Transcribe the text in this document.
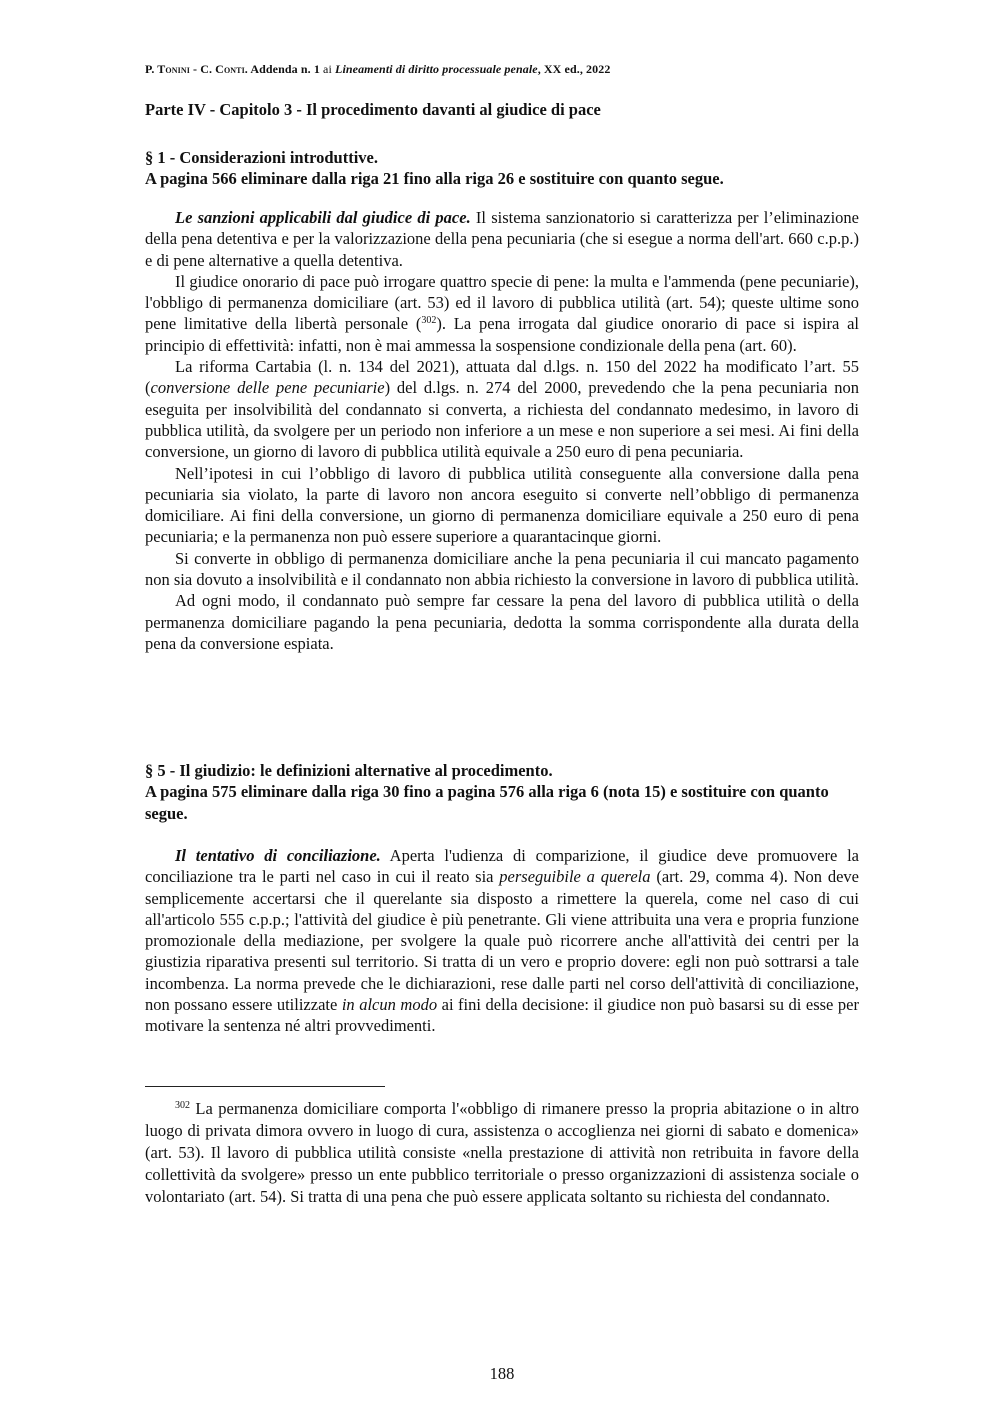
P. Tonini - C. Conti. Addenda n. 1 ai Lineamenti di diritto processuale penale, XX ed., 2022
Parte IV - Capitolo 3 - Il procedimento davanti al giudice di pace

§ 1 - Considerazioni introduttive.

A pagina 566 eliminare dalla riga 21 fino alla riga 26 e sostituire con quanto segue.

Le sanzioni applicabili dal giudice di pace. Il sistema sanzionatorio si caratterizza per l’eliminazione della pena detentiva e per la valorizzazione della pena pecuniaria (che si esegue a norma dell'art. 660 c.p.p.) e di pene alternative a quella detentiva.

Il giudice onorario di pace può irrogare quattro specie di pene: la multa e l'ammenda (pene pecuniarie), l'obbligo di permanenza domiciliare (art. 53) ed il lavoro di pubblica utilità (art. 54); queste ultime sono pene limitative della libertà personale ($^{302}$). La pena irrogata dal giudice onorario di pace si ispira al principio di effettività: infatti, non è mai ammessa la sospensione condizionale della pena (art. 60).

La riforma Cartabia (l. n. 134 del 2021), attuata dal d.lgs. n. 150 del 2022 ha modificato l’art. 55 (conversione delle pene pecuniarie) del d.lgs. n. 274 del 2000, prevedendo che la pena pecuniaria non eseguita per insolvibilità del condannato si converta, a richiesta del condannato medesimo, in lavoro di pubblica utilità, da svolgere per un periodo non inferiore a un mese e non superiore a sei mesi. Ai fini della conversione, un giorno di lavoro di pubblica utilità equivale a 250 euro di pena pecuniaria.

Nell’ipotesi in cui l’obbligo di lavoro di pubblica utilità conseguente alla conversione dalla pena pecuniaria sia violato, la parte di lavoro non ancora eseguito si converte nell’obbligo di permanenza domiciliare. Ai fini della conversione, un giorno di permanenza domiciliare equivale a 250 euro di pena pecuniaria; e la permanenza non può essere superiore a quarantacinque giorni.

Si converte in obbligo di permanenza domiciliare anche la pena pecuniaria il cui mancato pagamento non sia dovuto a insolvibilità e il condannato non abbia richiesto la conversione in lavoro di pubblica utilità.

Ad ogni modo, il condannato può sempre far cessare la pena del lavoro di pubblica utilità o della permanenza domiciliare pagando la pena pecuniaria, dedotta la somma corrispondente alla durata della pena da conversione espiata.

§ 5 - Il giudizio: le definizioni alternative al procedimento.

A pagina 575 eliminare dalla riga 30 fino a pagina 576 alla riga 6 (nota 15) e sostituire con quanto segue.

Il tentativo di conciliazione. Aperta l'udienza di comparizione, il giudice deve promuovere la conciliazione tra le parti nel caso in cui il reato sia perseguibile a querela (art. 29, comma 4). Non deve semplicemente accertarsi che il querelante sia disposto a rimettere la querela, come nel caso di cui all'articolo 555 c.p.p.; l'attività del giudice è più penetrante. Gli viene attribuita una vera e propria funzione promozionale della mediazione, per svolgere la quale può ricorrere anche all'attività dei centri per la giustizia riparativa presenti sul territorio. Si tratta di un vero e proprio dovere: egli non può sottrarsi a tale incombenza. La norma prevede che le dichiarazioni, rese dalle parti nel corso dell'attività di conciliazione, non possano essere utilizzate in alcun modo ai fini della decisione: il giudice non può basarsi su di esse per motivare la sentenza né altri provvedimenti.

$^{302}$ La permanenza domiciliare comporta l'«obbligo di rimanere presso la propria abitazione o in altro luogo di privata dimora ovvero in luogo di cura, assistenza o accoglienza nei giorni di sabato e domenica» (art. 53). Il lavoro di pubblica utilità consiste «nella prestazione di attività non retribuita in favore della collettività da svolgere» presso un ente pubblico territoriale o presso organizzazioni di assistenza sociale o volontariato (art. 54). Si tratta di una pena che può essere applicata soltanto su richiesta del condannato.

188
